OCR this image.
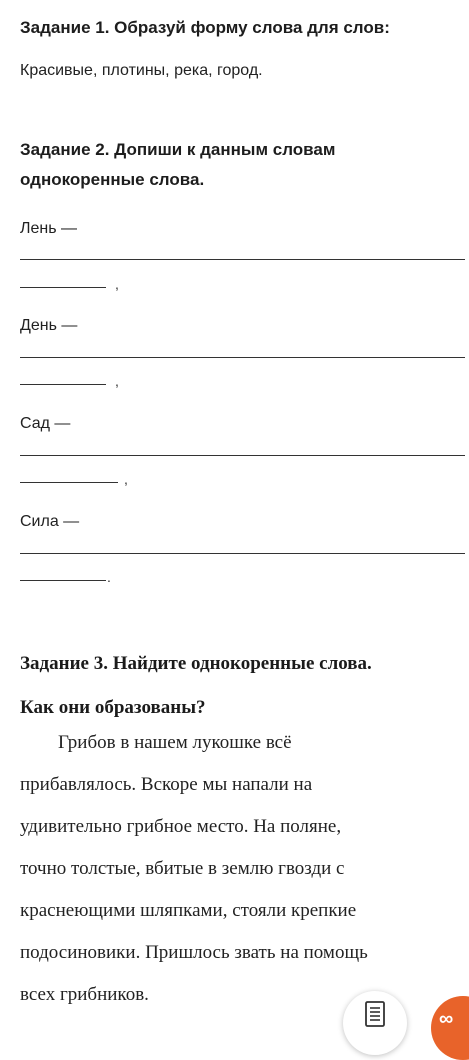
Задание 1. Образуй форму слова для слов:

Красивые, плотины, река, город.

Задание 2. Допиши к данным словам
однокоренные слова.
Лень —
,
День —
,
Сад —
,
Сила —
.
Задание 3. Найдите однокоренные слова.
Как они образованы?
Грибов в нашем лукошке всё
прибавлялось. Вскоре мы напали на
удивительно грибное место. На поляне,
точно толстые, вбитые в землю гвозди с
краснеющими шляпками, стояли крепкие
подосиновики. Пришлось звать на помощь
всех грибников.
∞
